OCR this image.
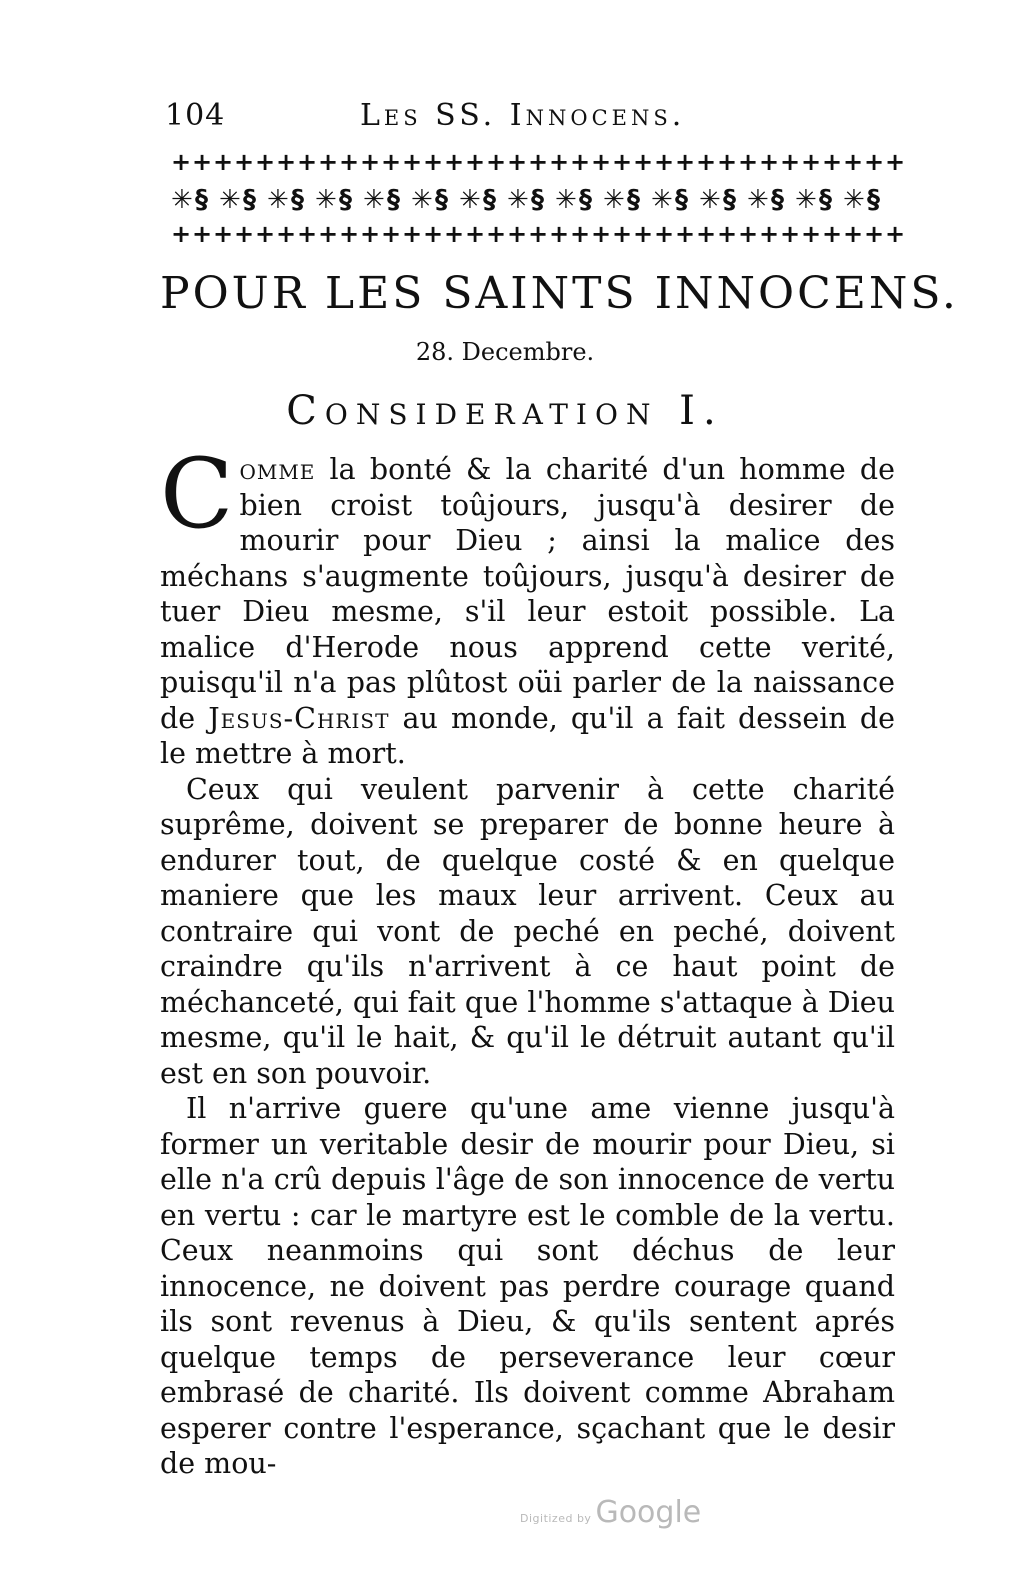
104	Les SS. Innocens.
+ + + + + + + + + + + + + + + + + + + + + + + + + + + + + + + + + + +
✳ § ✳ § ✳ § ✳ § ✳ § ✳ § ✳ § ✳ § ✳ § ✳ § ✳ § ✳ § ✳ § ✳ § ✳ §
+ + + + + + + + + + + + + + + + + + + + + + + + + + + + + + + + + + +
POUR LES SAINTS INNOCENS.
28. Decembre.
Consideration I.

Comme la bonté & la charité d'un homme de bien croist toûjours, jusqu'à desirer de mourir pour Dieu ; ainsi la malice des méchans s'augmente toûjours, jusqu'à desirer de tuer Dieu mesme, s'il leur estoit possible. La malice d'Herode nous apprend cette verité, puisqu'il n'a pas plûtost oüi parler de la naissance de Jesus-Christ au monde, qu'il a fait dessein de le mettre à mort.

Ceux qui veulent parvenir à cette charité suprême, doivent se preparer de bonne heure à endurer tout, de quelque costé & en quelque maniere que les maux leur arrivent. Ceux au contraire qui vont de peché en peché, doivent craindre qu'ils n'arrivent à ce haut point de méchanceté, qui fait que l'homme s'attaque à Dieu mesme, qu'il le hait, & qu'il le détruit autant qu'il est en son pouvoir.

Il n'arrive guere qu'une ame vienne jusqu'à former un veritable desir de mourir pour Dieu, si elle n'a crû depuis l'âge de son innocence de vertu en vertu : car le martyre est le comble de la vertu. Ceux neanmoins qui sont déchus de leur innocence, ne doivent pas perdre courage quand ils sont revenus à Dieu, & qu'ils sentent aprés quelque temps de perseverance leur cœur embrasé de charité. Ils doivent comme Abraham esperer contre l'esperance, sçachant que le desir de mou-

Digitized by Google
